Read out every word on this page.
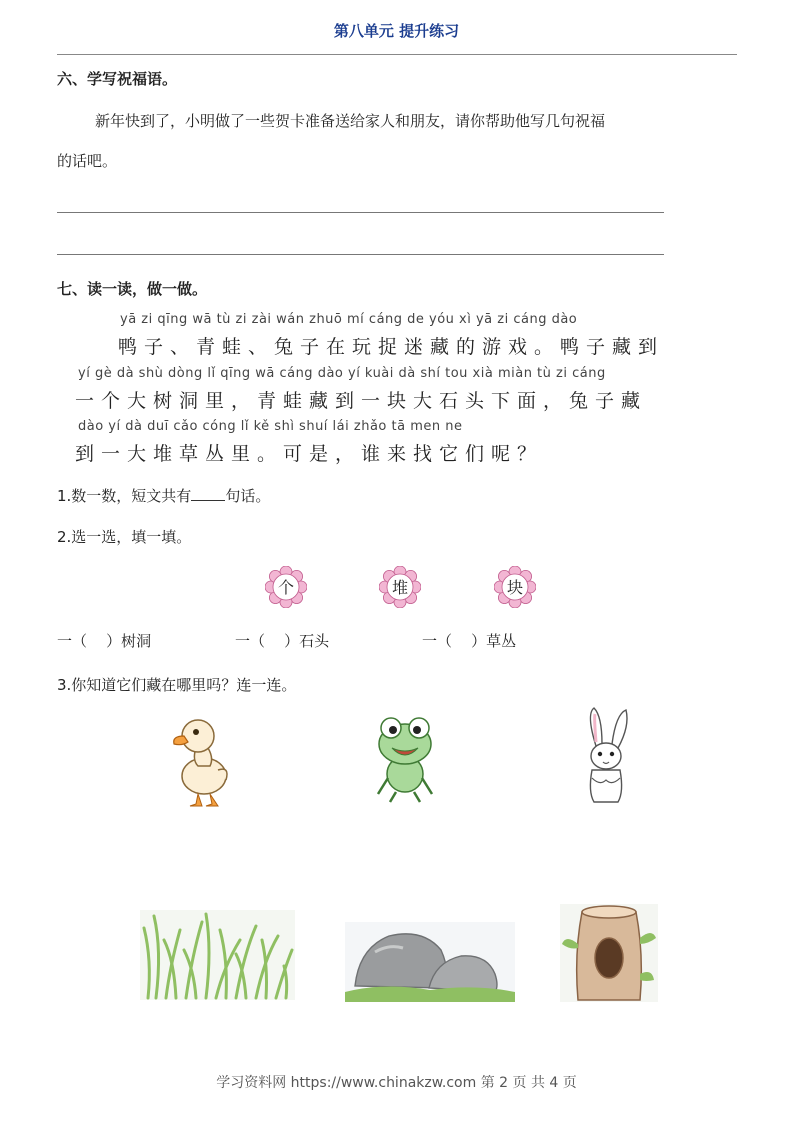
第八单元 提升练习
六、学写祝福语。
新年快到了，小明做了一些贺卡准备送给家人和朋友，请你帮助他写几句祝福
的话吧。
七、读一读，做一做。
yā zi qīng wā tù zi zài wán zhuō mí cáng de yóu xì yā zi cáng dào
鸭子、青蛙、兔子在玩捉迷藏的游戏。鸭子藏到
yí gè dà shù dòng lǐ qīng wā cáng dào yí kuài dà shí tou xià miàn tù zi cáng
一个大树洞里，青蛙藏到一块大石头下面，兔子藏
dào yí dà duī cǎo cóng lǐ kě shì shuí lái zhǎo tā men ne
到一大堆草丛里。可是，谁来找它们呢？
1.数一数，短文共有 句话。
2.选一选，填一填。
个	堆	块
一（    ）树洞	一（    ）石头	一（    ）草丛
3.你知道它们藏在哪里吗？连一连。
学习资料网 https://www.chinakzw.com 第 2 页 共 4 页
